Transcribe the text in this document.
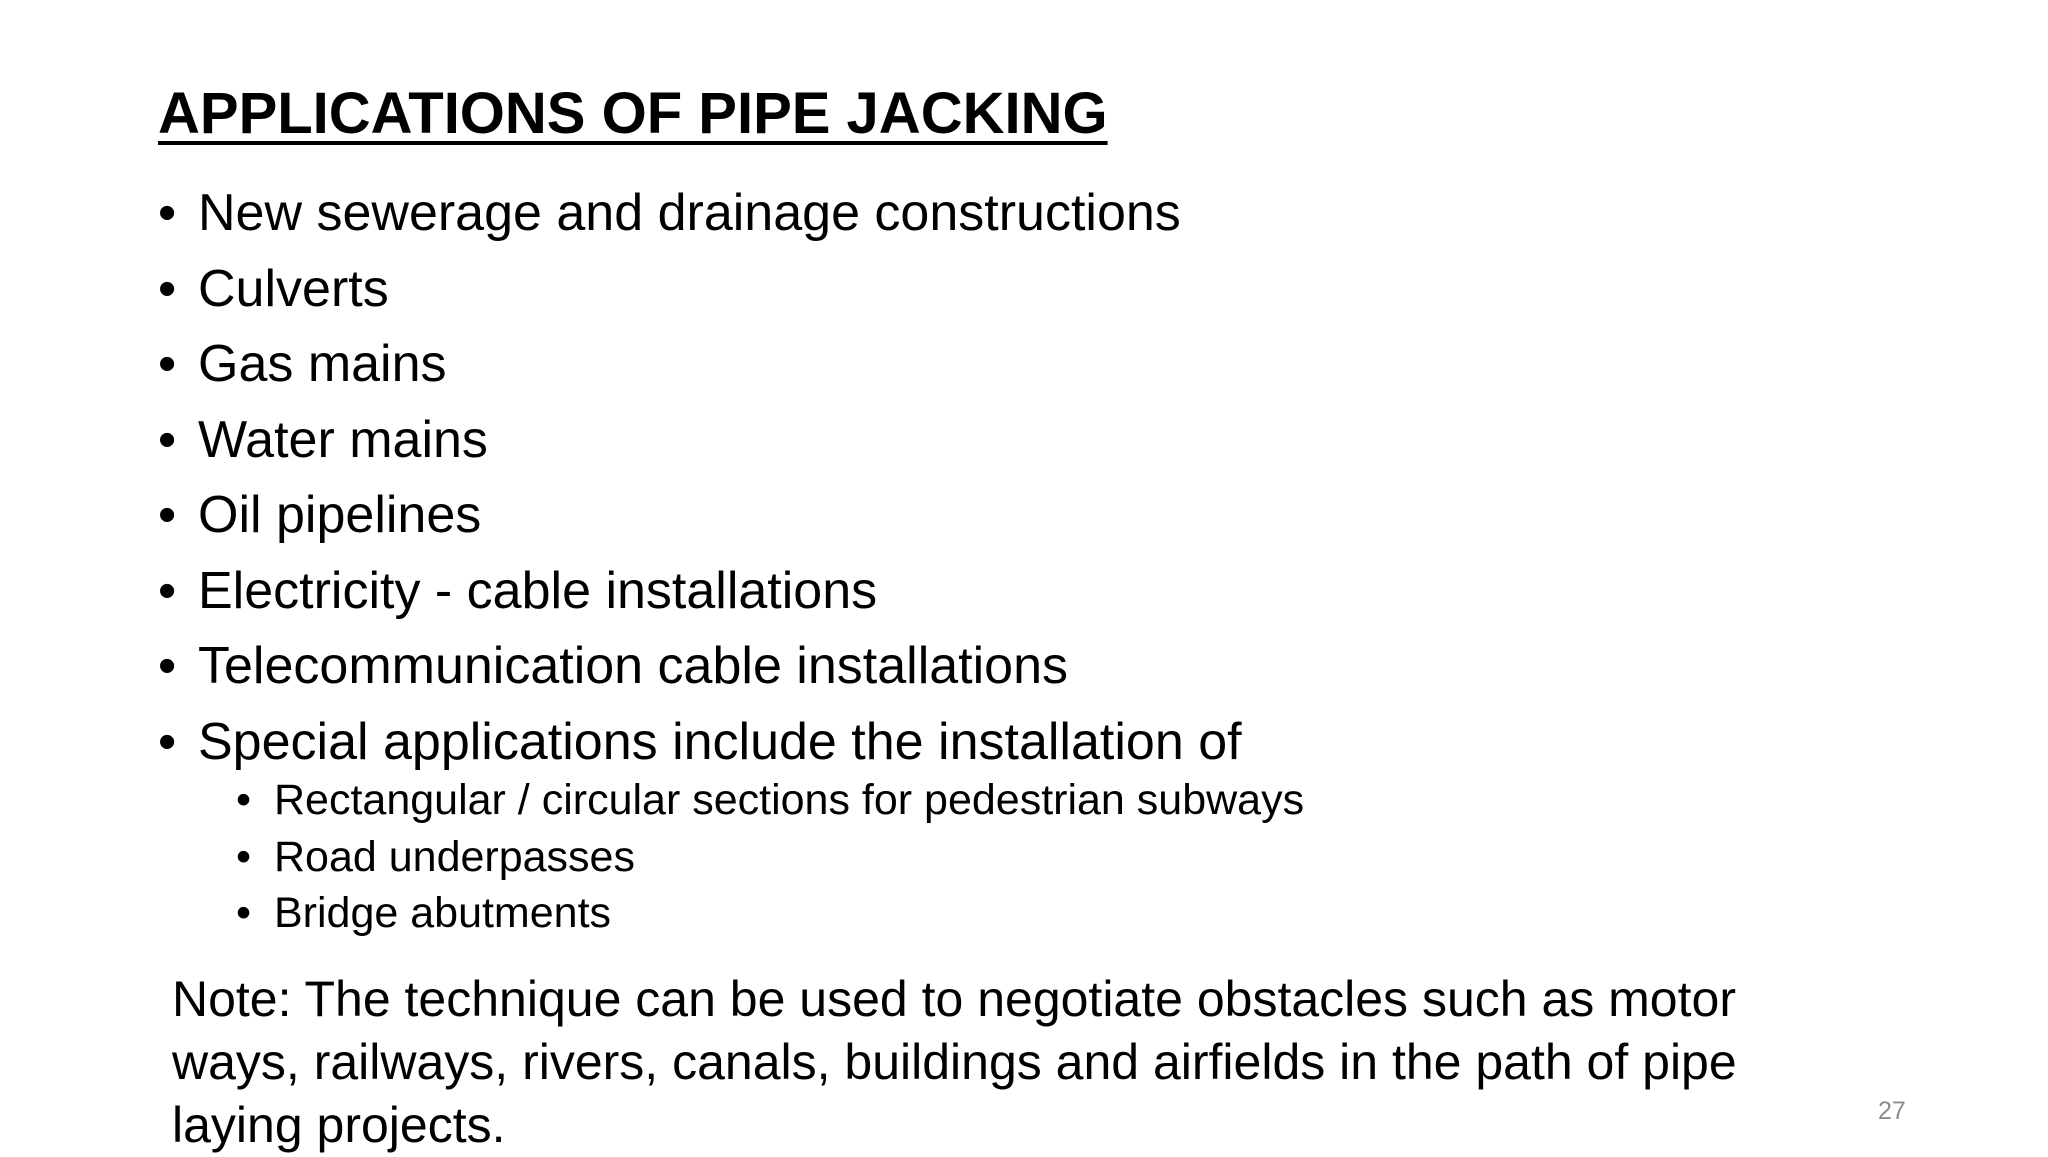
APPLICATIONS OF PIPE JACKING
• New sewerage and drainage constructions
• Culverts
• Gas mains
• Water mains
• Oil pipelines
• Electricity - cable installations
• Telecommunication cable installations
• Special applications include the installation of
• Rectangular / circular sections for pedestrian subways
• Road underpasses
• Bridge abutments
Note: The technique can be used to negotiate obstacles such as motor ways, railways, rivers, canals, buildings and airfields in the path of pipe laying projects.	27
